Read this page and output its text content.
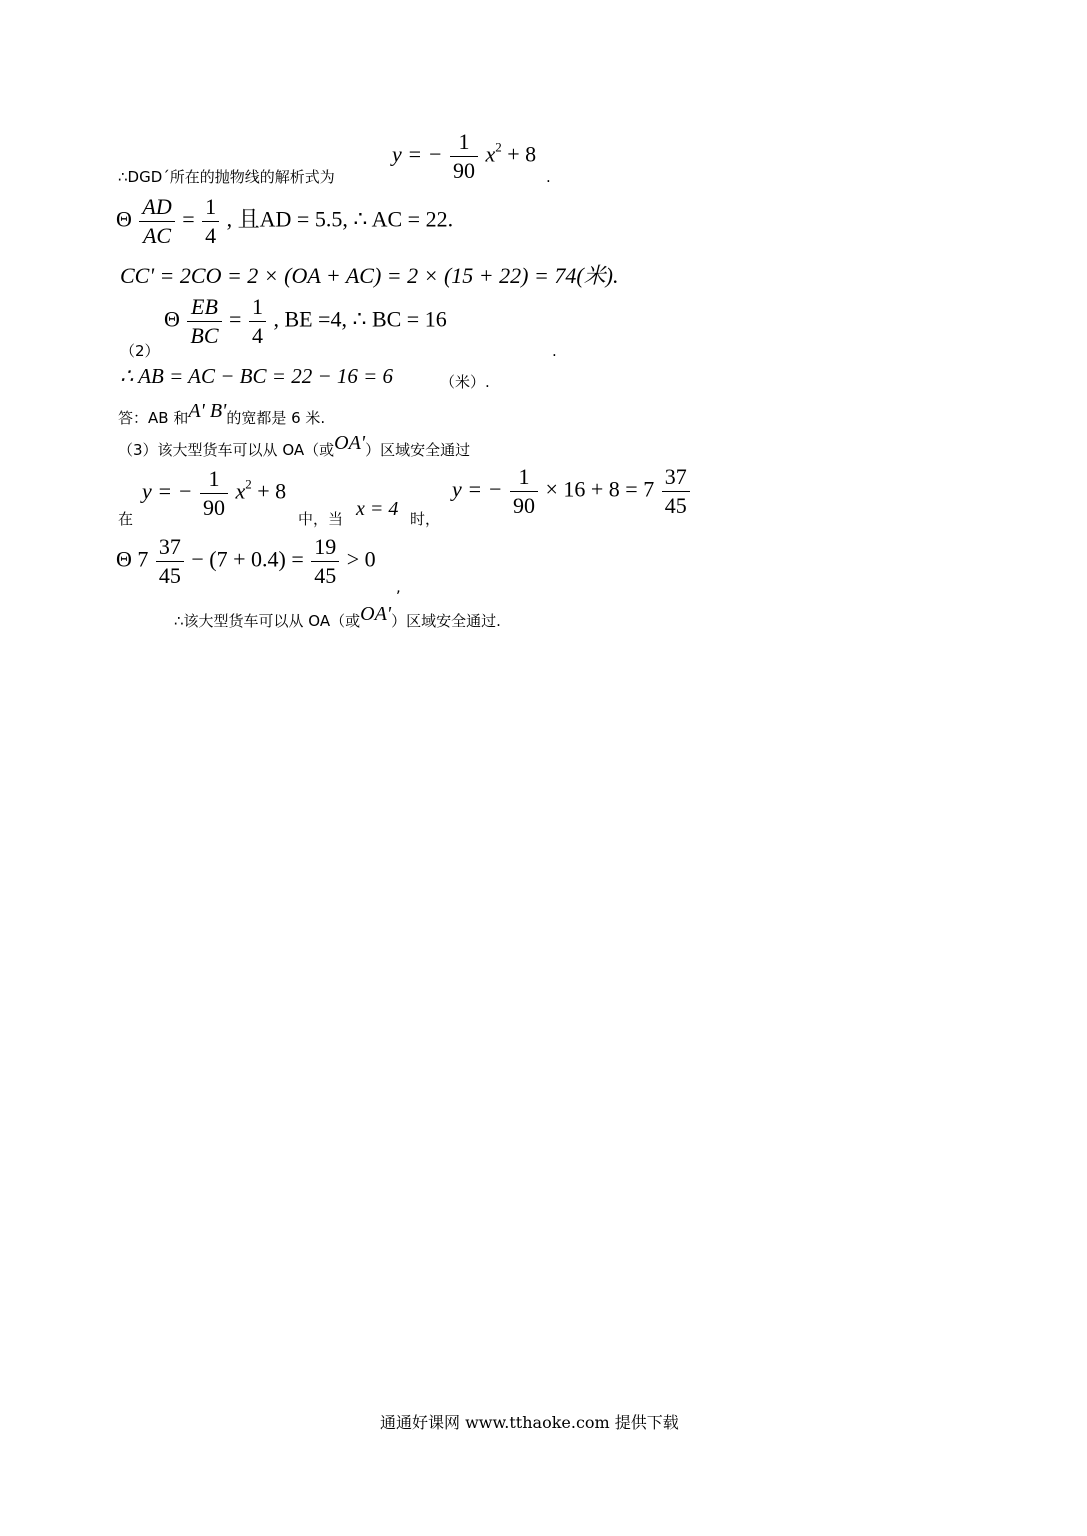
y = − $\frac{1}{90} x^2 + 8$
∴DGD´所在的抛物线的解析式为	.
Θ $\frac{AD}{AC} = \frac{1}{4}$ , 且AD = 5.5, ∴ AC = 22.
CC' = 2CO = 2 × (OA + AC) = 2 × (15 + 22) = 74(米).
（2）
Θ $\frac{EB}{BC} = \frac{1}{4}$ , BE =4, ∴ BC = 16
.
∴ AB = AC − BC = 22 − 16 = 6	（米）.
答：AB 和A' B'的宽都是 6 米.
（3）该大型货车可以从 OA（或OA'）区域安全通过
在
y = − $\frac{1}{90} x^2 + 8$
中，当 x = 4 时，
y = − $\frac{1}{90} \times 16 + 8 = 7 \frac{37}{45}$
Θ $7 \frac{37}{45} - (7 + 0.4) = \frac{19}{45} > 0$
,
∴该大型货车可以从 OA（或OA'）区域安全通过.
通通好课网 www.tthaoke.com 提供下载
